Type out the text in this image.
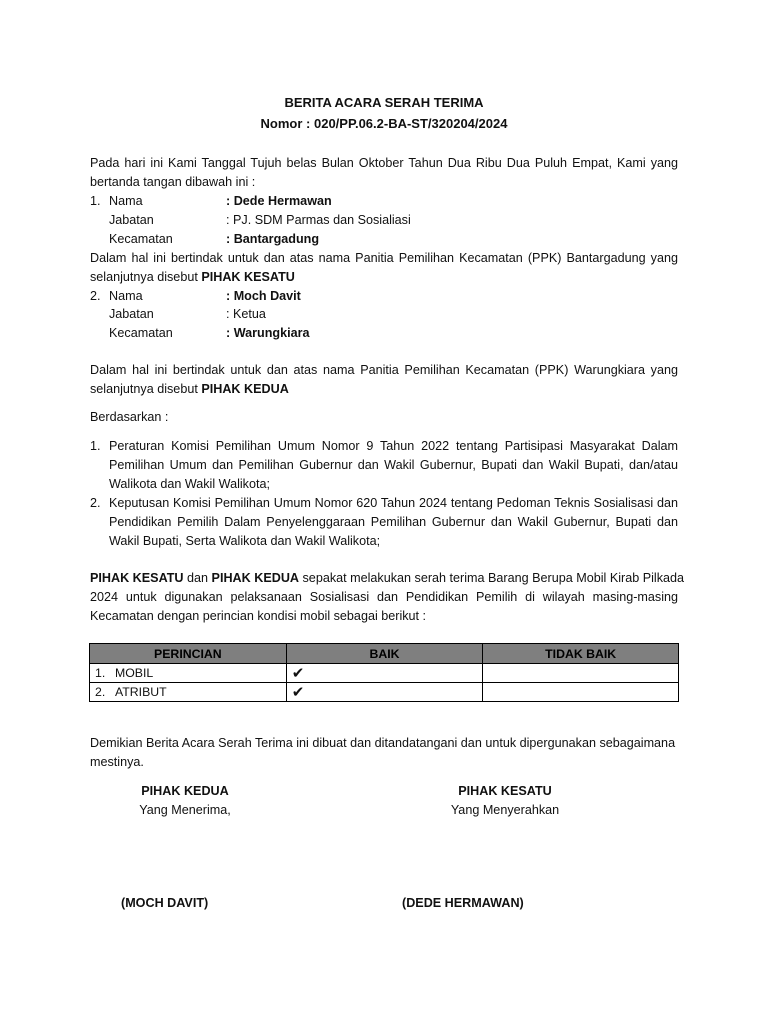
BERITA ACARA SERAH TERIMA
Nomor : 020/PP.06.2-BA-ST/320204/2024
Pada hari ini Kami Tanggal Tujuh belas Bulan Oktober Tahun Dua Ribu Dua Puluh Empat, Kami yang
bertanda tangan dibawah ini :
1. Nama	: Dede Hermawan
Jabatan	: PJ. SDM Parmas dan Sosialiasi
Kecamatan	: Bantargadung
Dalam hal ini bertindak untuk dan atas nama Panitia Pemilihan Kecamatan (PPK) Bantargadung yang
selanjutnya disebut PIHAK KESATU
2. Nama	: Moch Davit
Jabatan	: Ketua
Kecamatan	: Warungkiara
Dalam hal ini bertindak untuk dan atas nama Panitia Pemilihan Kecamatan (PPK) Warungkiara yang
selanjutnya disebut PIHAK KEDUA
Berdasarkan :
1. Peraturan Komisi Pemilihan Umum Nomor 9 Tahun 2022 tentang Partisipasi Masyarakat Dalam
Pemilihan Umum dan Pemilihan Gubernur dan Wakil Gubernur, Bupati dan Wakil Bupati, dan/atau
Walikota dan Wakil Walikota;
2. Keputusan Komisi Pemilihan Umum Nomor 620 Tahun 2024 tentang Pedoman Teknis Sosialisasi dan
Pendidikan Pemilih Dalam Penyelenggaraan Pemilihan Gubernur dan Wakil Gubernur, Bupati dan
Wakil Bupati, Serta Walikota dan Wakil Walikota;
PIHAK KESATU dan PIHAK KEDUA sepakat melakukan serah terima Barang Berupa Mobil Kirab Pilkada
2024 untuk digunakan pelaksanaan Sosialisasi dan Pendidikan Pemilih di wilayah masing-masing
Kecamatan dengan perincian kondisi mobil sebagai berikut :
PERINCIAN	BAIK	TIDAK BAIK
1. MOBIL	✔	
2. ATRIBUT	✔	
Demikian Berita Acara Serah Terima ini dibuat dan ditandatangani dan untuk dipergunakan sebagaimana
mestinya.
PIHAK KEDUA
Yang Menerima,
PIHAK KESATU
Yang Menyerahkan
(MOCH DAVIT)	(DEDE HERMAWAN)
